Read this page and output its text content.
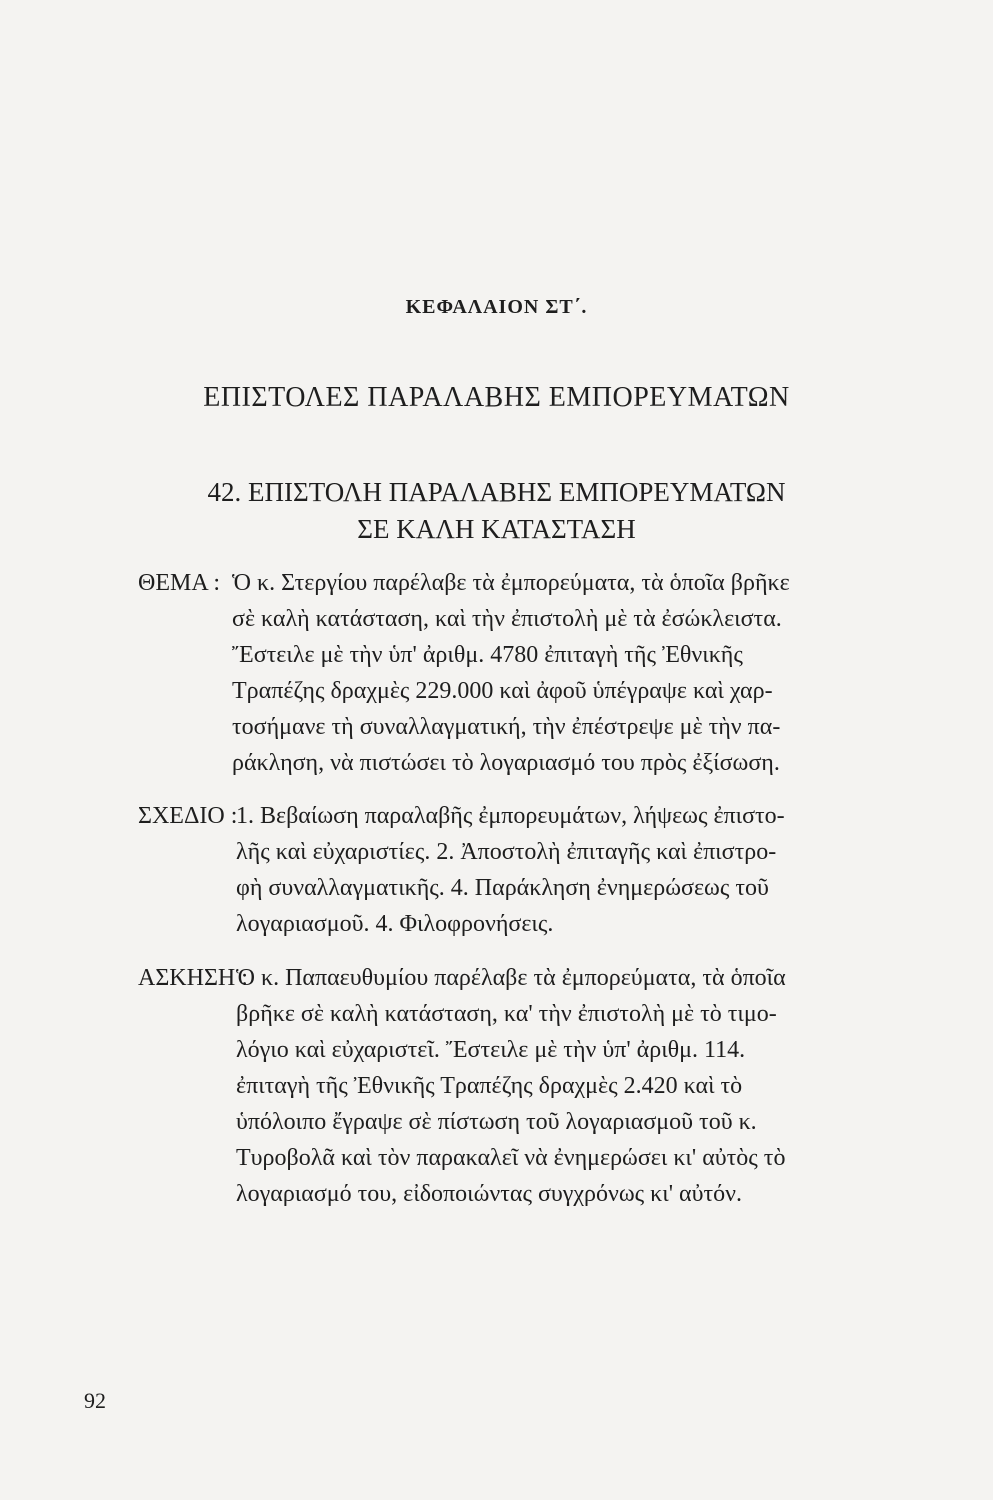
ΚΕΦΑΛΑΙΟΝ ΣΤ΄.
ΕΠΙΣΤΟΛΕΣ ΠΑΡΑΛΑΒΗΣ ΕΜΠΟΡΕΥΜΑΤΩΝ
42. ΕΠΙΣΤΟΛΗ ΠΑΡΑΛΑΒΗΣ ΕΜΠΟΡΕΥΜΑΤΩΝ
ΣΕ ΚΑΛΗ ΚΑΤΑΣΤΑΣΗ
ΘΕΜΑ : Ὁ κ. Στεργίου παρέλαβε τὰ ἐμπορεύματα, τὰ ὁποῖα βρῆκε
σὲ καλὴ κατάσταση, καὶ τὴν ἐπιστολὴ μὲ τὰ ἐσώκλειστα.
Ἔστειλε μὲ τὴν ὑπ' ἀριθμ. 4780 ἐπιταγὴ τῆς Ἐθνικῆς
Τραπέζης δραχμὲς 229.000 καὶ ἀφοῦ ὑπέγραψε καὶ χαρ-
τοσήμανε τὴ συναλλαγματική, τὴν ἐπέστρεψε μὲ τὴν πα-
ράκληση, νὰ πιστώσει τὸ λογαριασμό του πρὸς ἐξίσωση.
ΣΧΕΔΙΟ :
1. Βεβαίωση παραλαβῆς ἐμπορευμάτων, λήψεως ἐπιστο-
λῆς καὶ εὐχαριστίες. 2. Ἀποστολὴ ἐπιταγῆς καὶ ἐπιστρο-
φὴ συναλλαγματικῆς. 4. Παράκληση ἐνημερώσεως τοῦ
λογαριασμοῦ. 4. Φιλοφρονήσεις.
ΑΣΚΗΣΗ :
Ὁ κ. Παπαευθυμίου παρέλαβε τὰ ἐμπορεύματα, τὰ ὁποῖα
βρῆκε σὲ καλὴ κατάσταση, κα' τὴν ἐπιστολὴ μὲ τὸ τιμο-
λόγιο καὶ εὐχαριστεῖ. Ἔστειλε μὲ τὴν ὑπ' ἀριθμ. 114.
ἐπιταγὴ τῆς Ἐθνικῆς Τραπέζης δραχμὲς 2.420 καὶ τὸ
ὑπόλοιπο ἔγραψε σὲ πίστωση τοῦ λογαριασμοῦ τοῦ κ.
Τυροβολᾶ καὶ τὸν παρακαλεῖ νὰ ἐνημερώσει κι' αὐτὸς τὸ
λογαριασμό του, εἰδοποιώντας συγχρόνως κι' αὐτόν.
92
